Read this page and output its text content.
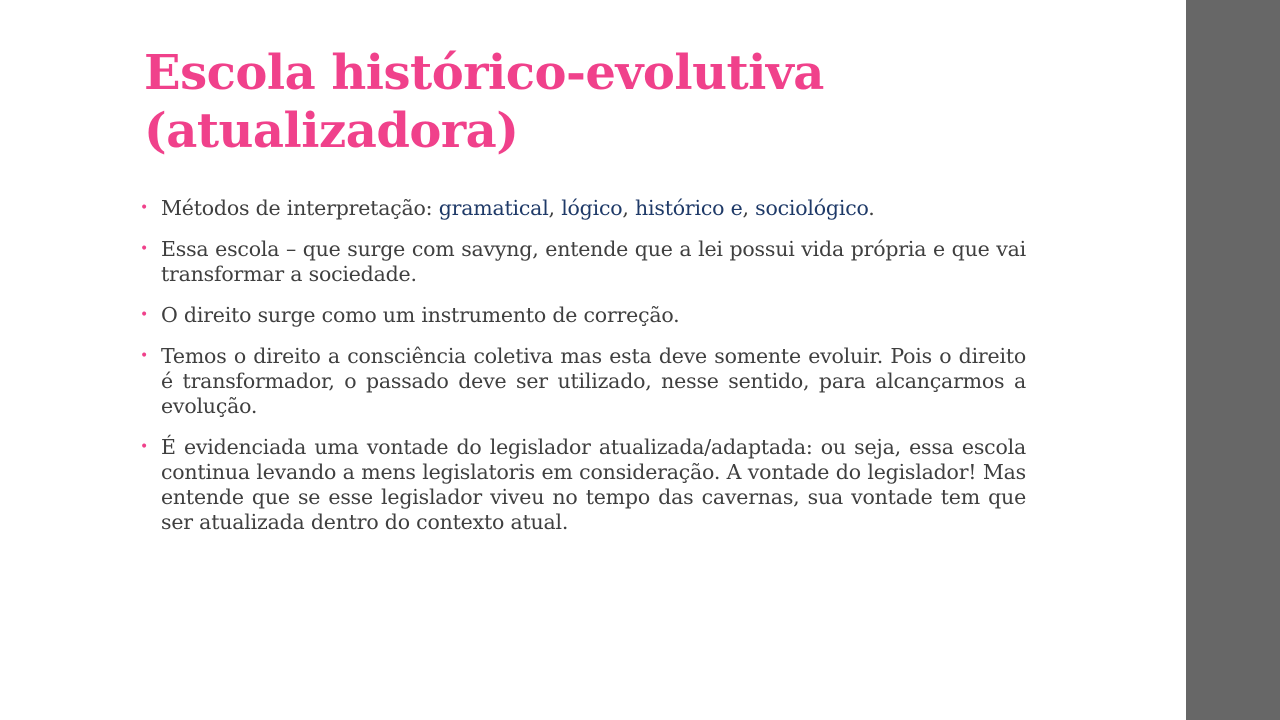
Escola histórico-evolutiva
(atualizadora)
• Métodos de interpretação: gramatical, lógico, histórico e, sociológico.
• Essa escola – que surge com savyng, entende que a lei possui vida própria e que vai transformar a sociedade.
• O direito surge como um instrumento de correção.
• Temos o direito a consciência coletiva mas esta deve somente evoluir. Pois o direito é transformador, o passado deve ser utilizado, nesse sentido, para alcançarmos a evolução.
• É evidenciada uma vontade do legislador atualizada/adaptada: ou seja, essa escola continua levando a mens legislatoris em consideração. A vontade do legislador! Mas entende que se esse legislador viveu no tempo das cavernas, sua vontade tem que ser atualizada dentro do contexto atual.
